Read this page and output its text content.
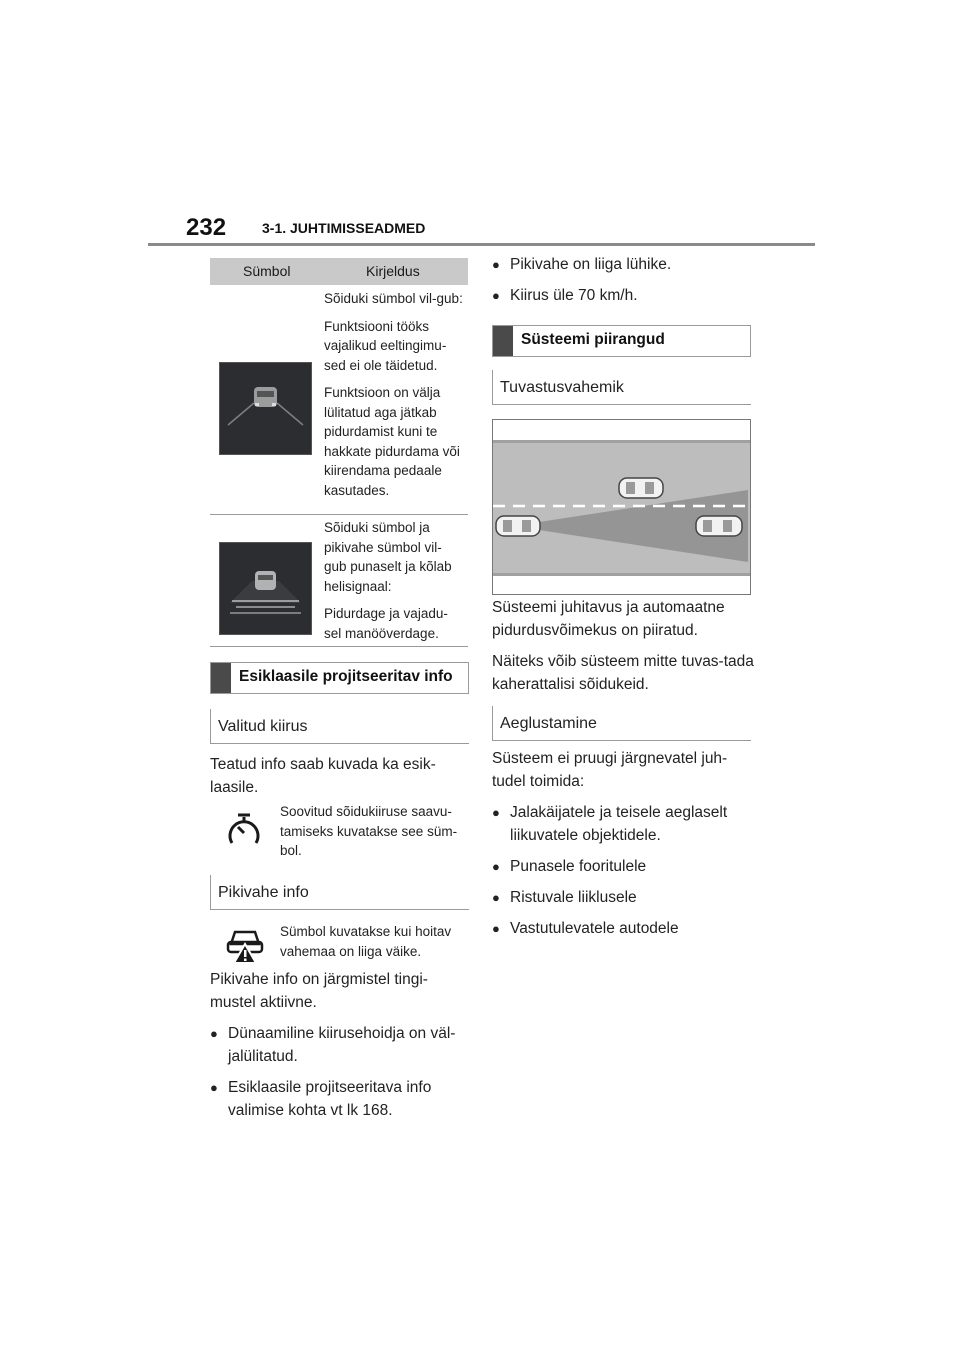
232	3-1. JUHTIMISSEADMED
Sümbol	Kirjeldus

Sõiduki sümbol vil-gub:

Funktsiooni tööks vajalikud eeltingimu-sed ei ole täidetud.

Funktsioon on välja lülitatud aga jätkab pidurdamist kuni te hakkate pidurdama või kiirendama pedaale kasutades.

Sõiduki sümbol ja pikivahe sümbol vil-gub punaselt ja kõlab helisignaal:

Pidurdage ja vajadu-sel manööverdage.

Esiklaasile projitseeritav info
Valitud kiirus
Teatud info saab kuvada ka esik-laasile.
Soovitud sõidukiiruse saavu-tamiseks kuvatakse see süm-bol.
Pikivahe info
Sümbol kuvatakse kui hoitav vahemaa on liiga väike.

Pikivahe info on järgmistel tingi-mustel aktiivne.

● Dünaamiline kiirusehoidja on väl-jalülitatud.
● Esiklaasile projitseeritava info valimise kohta vt lk 168.
● Pikivahe on liiga lühike.
● Kiirus üle 70 km/h.
Süsteemi piirangud
Tuvastusvahemik

Süsteemi juhitavus ja automaatne pidurdusvõimekus on piiratud.

Näiteks võib süsteem mitte tuvas-tada kaherattalisi sõidukeid.

Aeglustamine

Süsteem ei pruugi järgnevatel juh-tudel toimida:

● Jalakäijatele ja teisele aeglaselt liikuvatele objektidele.
● Punasele fooritulele
● Ristuvale liiklusele
● Vastutulevatele autodele
